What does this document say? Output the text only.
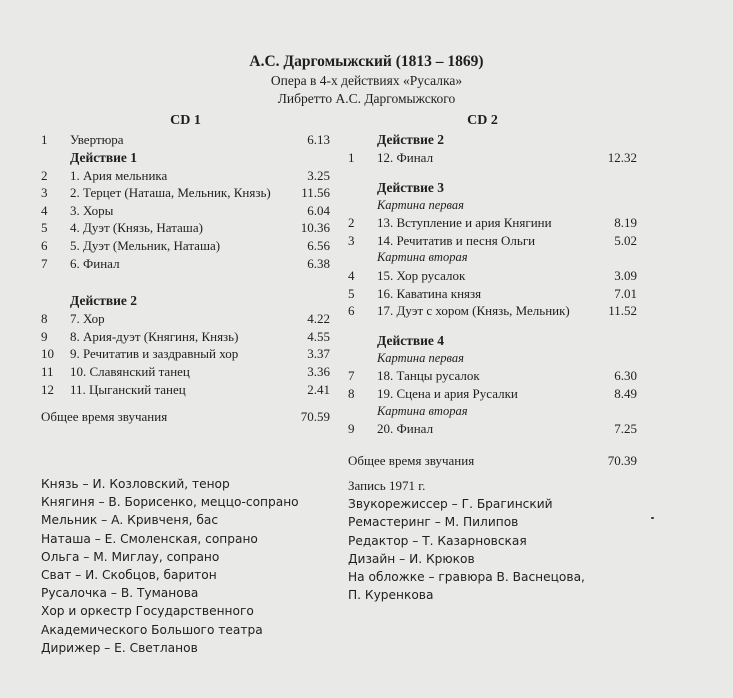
А.С. Даргомыжский (1813 – 1869)
Опера в 4-х действиях «Русалка»
Либретто А.С. Даргомыжского
CD 1
1	Увертюра	6.13
Действие 1
2	1. Ария мельника	3.25
3	2. Терцет (Наташа, Мельник, Князь)	11.56
4	3. Хоры	6.04
5	4. Дуэт (Князь, Наташа)	10.36
6	5. Дуэт (Мельник, Наташа)	6.56
7	6. Финал	6.38
Действие 2
8	7. Хор	4.22
9	8. Ария-дуэт (Княгиня, Князь)	4.55
10	9. Речитатив и заздравный хор	3.37
11	10. Славянский танец	3.36
12	11. Цыганский танец	2.41
Общее время звучания	70.59
CD 2
Действие 2
1	12. Финал	12.32
Действие 3
Картина первая
2	13. Вступление и ария Княгини	8.19
3	14. Речитатив и песня Ольги	5.02
Картина вторая
4	15. Хор русалок	3.09
5	16. Каватина князя	7.01
6	17. Дуэт с хором (Князь, Мельник)	11.52
Действие 4
Картина первая
7	18. Танцы русалок	6.30
8	19. Сцена и ария Русалки	8.49
Картина вторая
9	20. Финал	7.25
Общее время звучания	70.39
Князь – И. Козловский, тенор
Княгиня – В. Борисенко, меццо-сопрано
Мельник – А. Кривченя, бас
Наташа – Е. Смоленская, сопрано
Ольга – М. Миглау, сопрано
Сват – И. Скобцов, баритон
Русалочка – В. Туманова
Хор и оркестр Государственного
Академического Большого театра
Дирижер – Е. Светланов
Запись 1971 г.
Звукорежиссер – Г. Брагинский
Ремастеринг – М. Пилипов
Редактор – Т. Казарновская
Дизайн – И. Крюков
На обложке – гравюра В. Васнецова,
П. Куренкова
